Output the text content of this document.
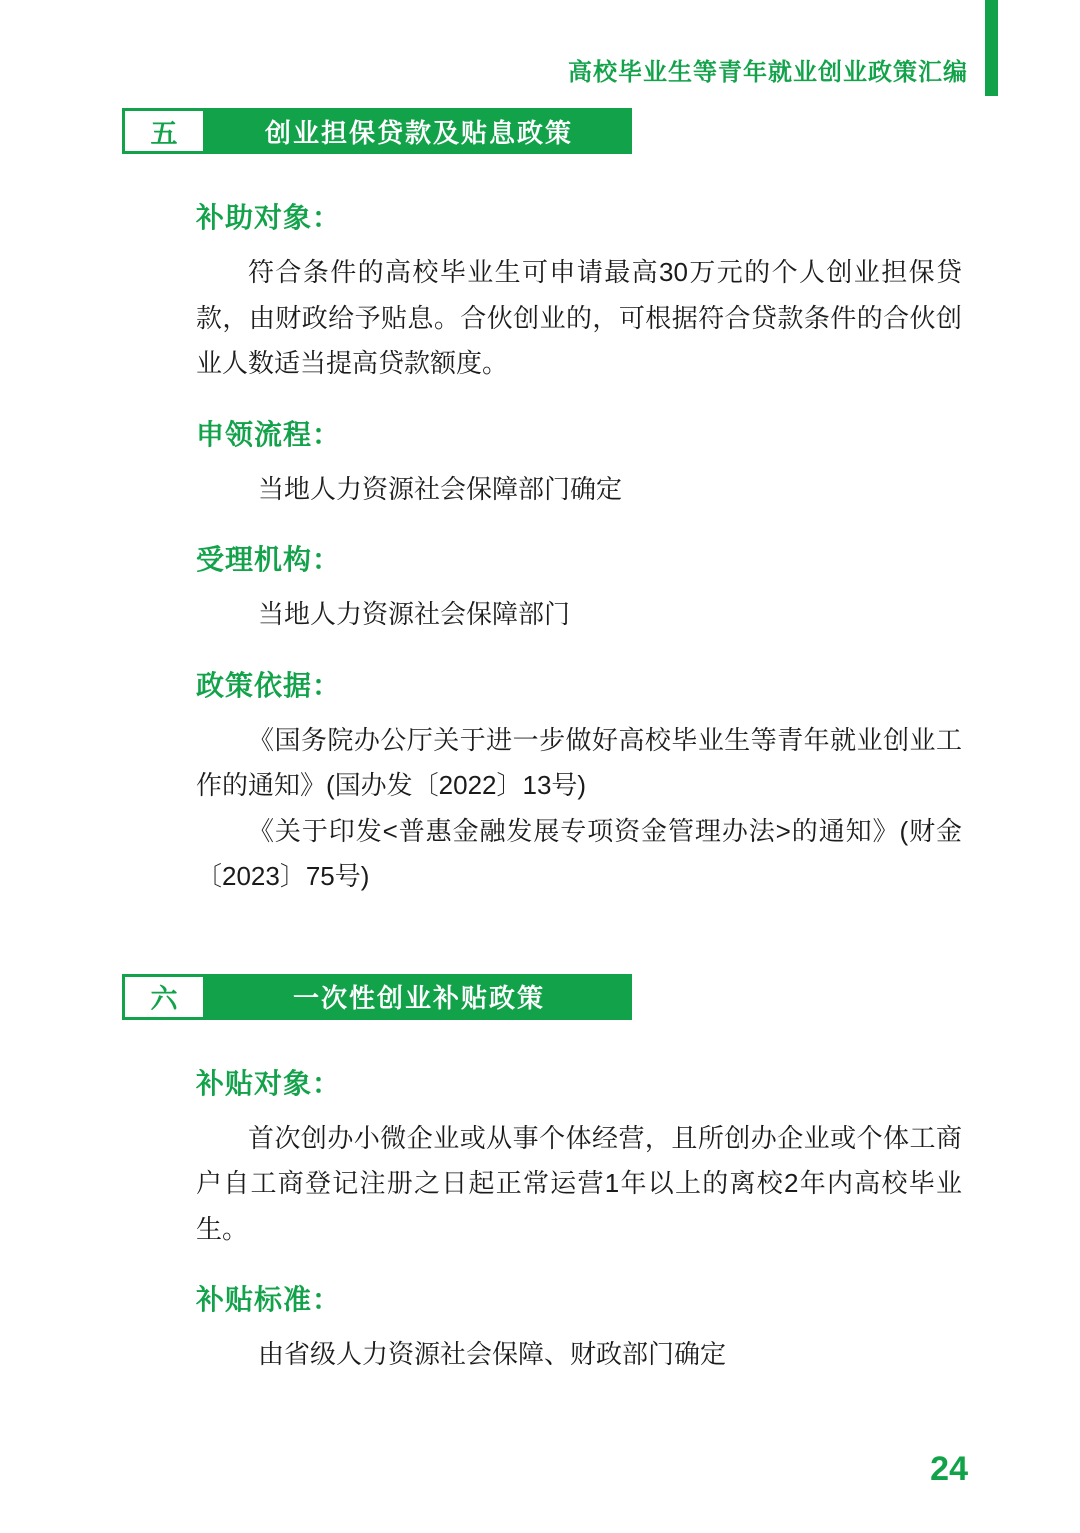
高校毕业生等青年就业创业政策汇编
五	创业担保贷款及贴息政策
补助对象：
符合条件的高校毕业生可申请最高30万元的个人创业担保贷款，由财政给予贴息。合伙创业的，可根据符合贷款条件的合伙创业人数适当提高贷款额度。
申领流程：
当地人力资源社会保障部门确定
受理机构：
当地人力资源社会保障部门
政策依据：
《国务院办公厅关于进一步做好高校毕业生等青年就业创业工作的通知》(国办发〔2022〕13号)
《关于印发<普惠金融发展专项资金管理办法>的通知》(财金〔2023〕75号)
六	一次性创业补贴政策
补贴对象：
首次创办小微企业或从事个体经营，且所创办企业或个体工商户自工商登记注册之日起正常运营1年以上的离校2年内高校毕业生。
补贴标准：
由省级人力资源社会保障、财政部门确定
24
